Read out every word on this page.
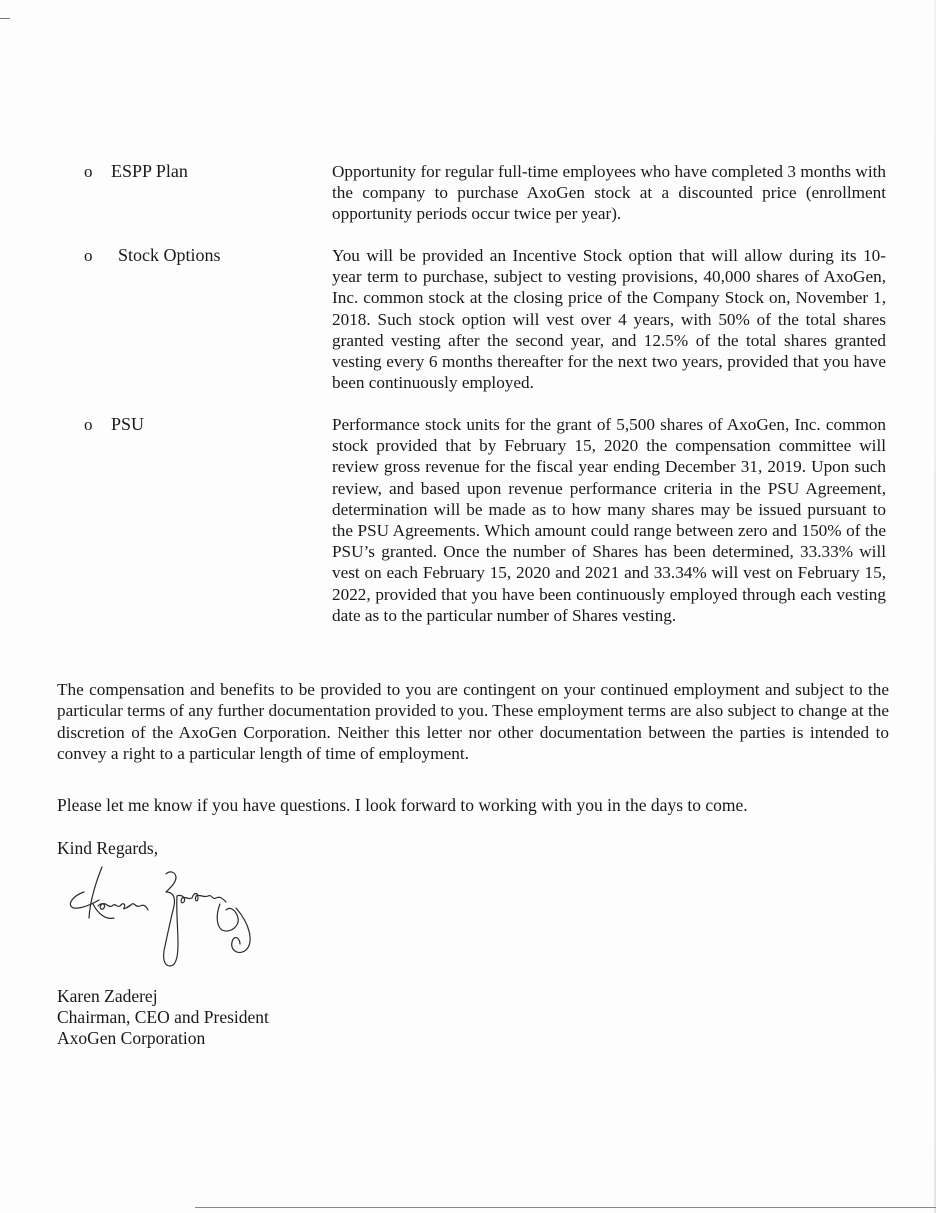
o ESPP Plan	Opportunity for regular full-time employees who have completed 3 months with the company to purchase AxoGen stock at a discounted price (enrollment opportunity periods occur twice per year).
o Stock Options	You will be provided an Incentive Stock option that will allow during its 10-year term to purchase, subject to vesting provisions, 40,000 shares of AxoGen, Inc. common stock at the closing price of the Company Stock on, November 1, 2018. Such stock option will vest over 4 years, with 50% of the total shares granted vesting after the second year, and 12.5% of the total shares granted vesting every 6 months thereafter for the next two years, provided that you have been continuously employed.
o PSU	Performance stock units for the grant of 5,500 shares of AxoGen, Inc. common stock provided that by February 15, 2020 the compensation committee will review gross revenue for the fiscal year ending December 31, 2019. Upon such review, and based upon revenue performance criteria in the PSU Agreement, determination will be made as to how many shares may be issued pursuant to the PSU Agreements. Which amount could range between zero and 150% of the PSU’s granted. Once the number of Shares has been determined, 33.33% will vest on each February 15, 2020 and 2021 and 33.34% will vest on February 15, 2022, provided that you have been continuously employed through each vesting date as to the particular number of Shares vesting.
The compensation and benefits to be provided to you are contingent on your continued employment and subject to the particular terms of any further documentation provided to you. These employment terms are also subject to change at the discretion of the AxoGen Corporation. Neither this letter nor other documentation between the parties is intended to convey a right to a particular length of time of employment.
Please let me know if you have questions. I look forward to working with you in the days to come.
Kind Regards,
Karen Zaderej
Chairman, CEO and President
AxoGen Corporation
